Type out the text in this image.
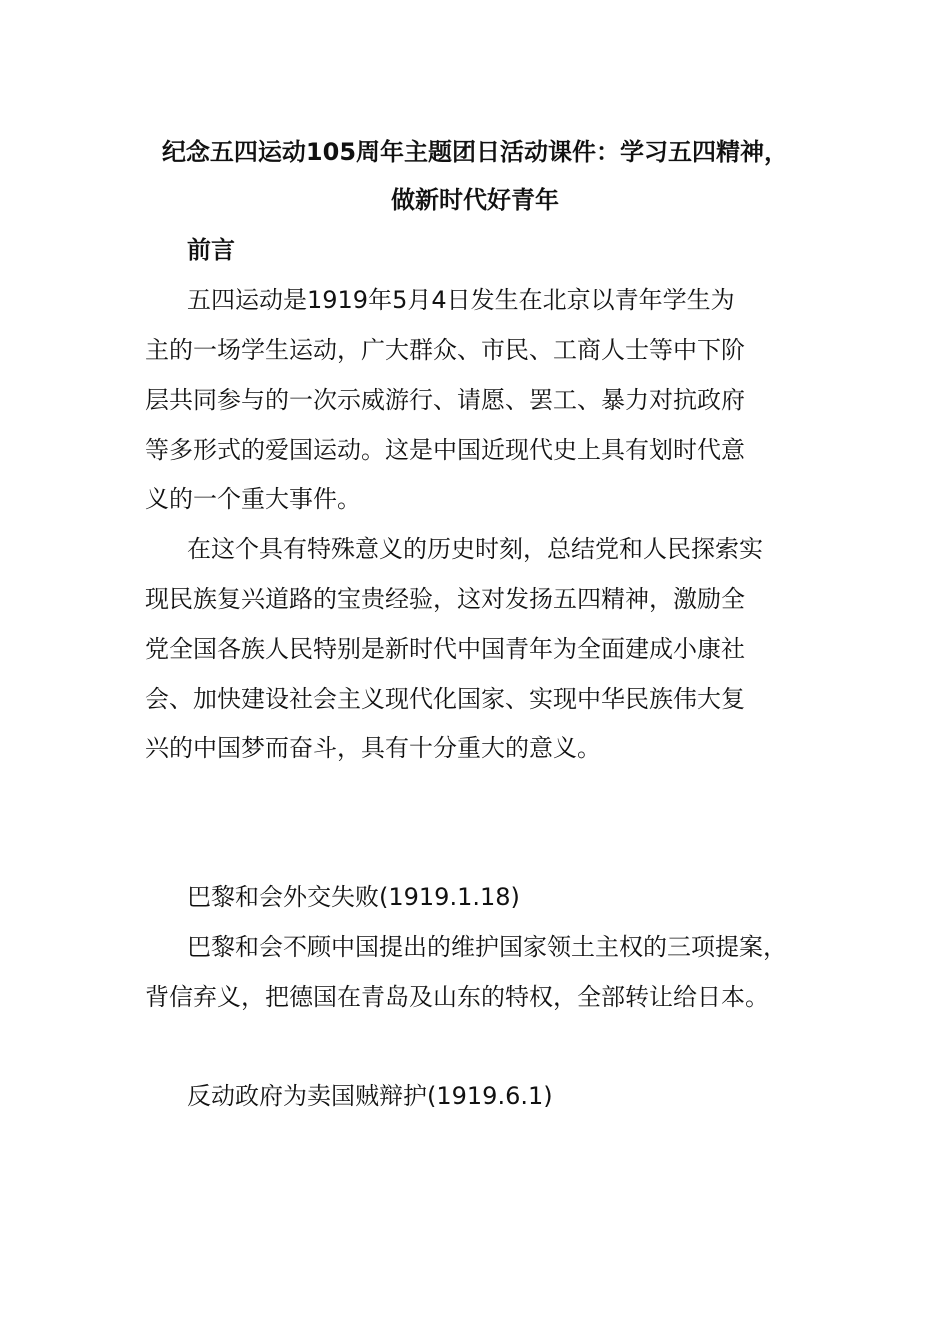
纪念五四运动105周年主题团日活动课件：学习五四精神，
做新时代好青年
前言
五四运动是1919年5月4日发生在北京以青年学生为
主的一场学生运动，广大群众、市民、工商人士等中下阶
层共同参与的一次示威游行、请愿、罢工、暴力对抗政府
等多形式的爱国运动。这是中国近现代史上具有划时代意
义的一个重大事件。
在这个具有特殊意义的历史时刻，总结党和人民探索实
现民族复兴道路的宝贵经验，这对发扬五四精神，激励全
党全国各族人民特别是新时代中国青年为全面建成小康社
会、加快建设社会主义现代化国家、实现中华民族伟大复
兴的中国梦而奋斗，具有十分重大的意义。
巴黎和会外交失败(1919.1.18)
巴黎和会不顾中国提出的维护国家领土主权的三项提案，
背信弃义，把德国在青岛及山东的特权，全部转让给日本。
反动政府为卖国贼辩护(1919.6.1)
